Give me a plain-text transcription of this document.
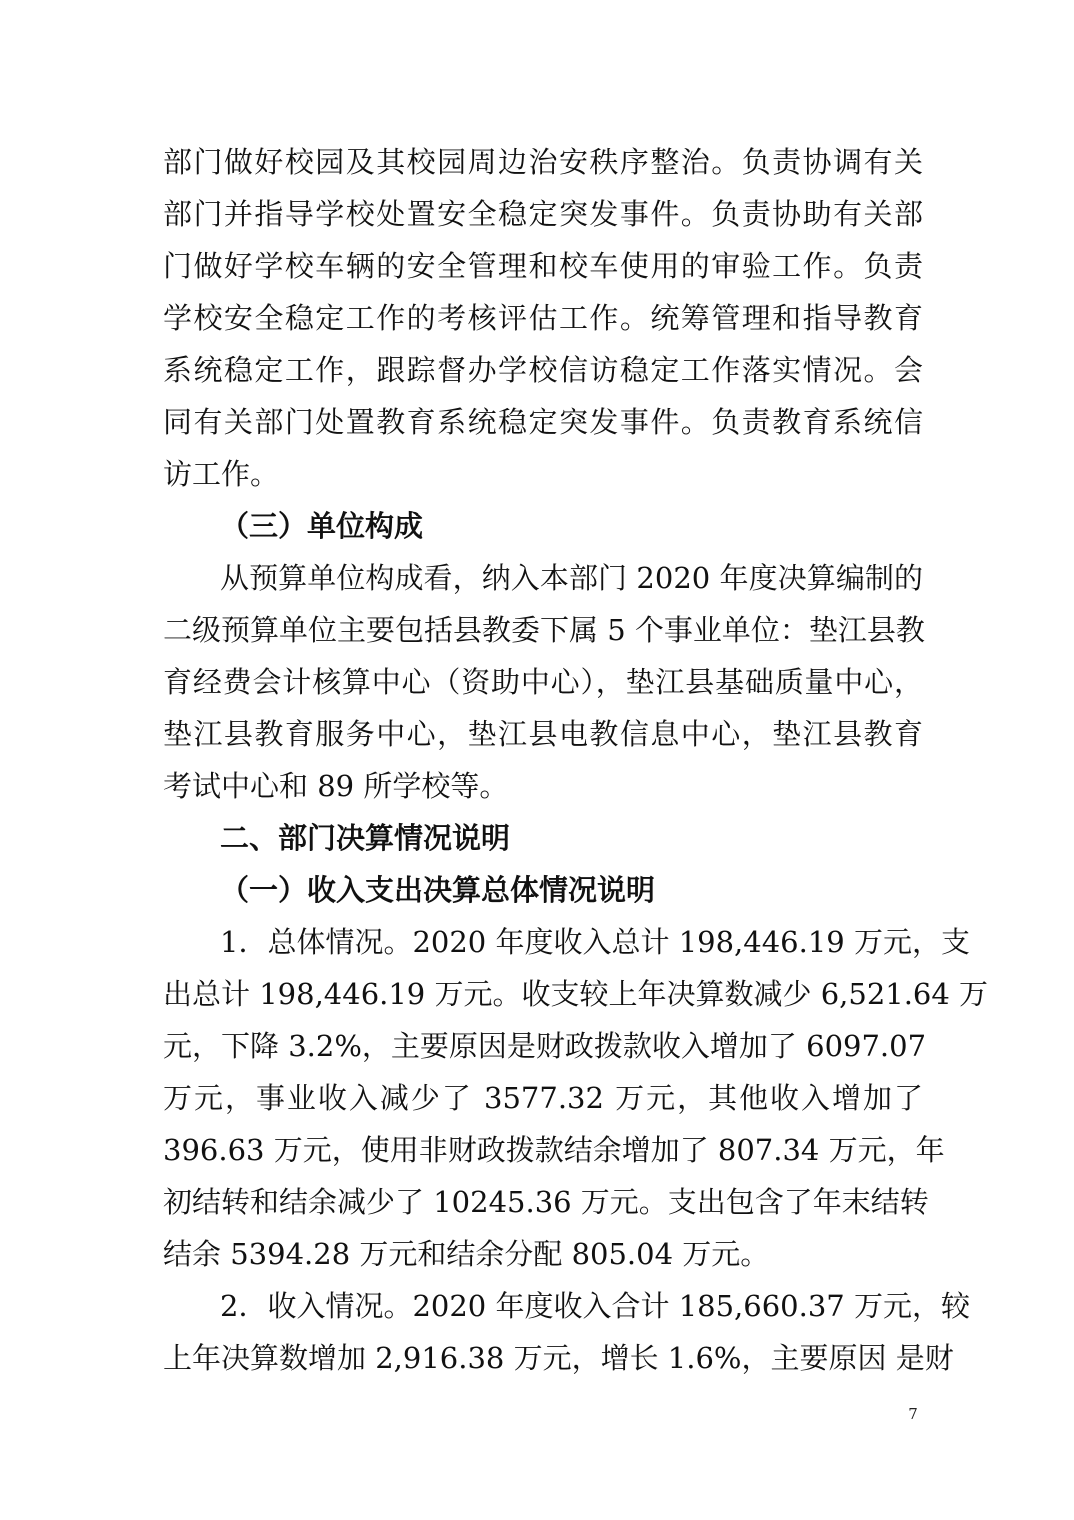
部门做好校园及其校园周边治安秩序整治。负责协调有关
部门并指导学校处置安全稳定突发事件。负责协助有关部
门做好学校车辆的安全管理和校车使用的审验工作。负责
学校安全稳定工作的考核评估工作。统筹管理和指导教育
系统稳定工作，跟踪督办学校信访稳定工作落实情况。会
同有关部门处置教育系统稳定突发事件。负责教育系统信
访工作。
（三）单位构成
从预算单位构成看，纳入本部门 2020 年度决算编制的
二级预算单位主要包括县教委下属 5 个事业单位：垫江县教
育经费会计核算中心（资助中心），垫江县基础质量中心，
垫江县教育服务中心，垫江县电教信息中心，垫江县教育
考试中心和 89 所学校等。
二、部门决算情况说明
（一）收入支出决算总体情况说明
1．总体情况。2020 年度收入总计 198,446.19 万元，支
出总计 198,446.19 万元。收支较上年决算数减少 6,521.64 万
元，下降 3.2%，主要原因是财政拨款收入增加了 6097.07
万元，事业收入减少了 3577.32 万元，其他收入增加了
396.63 万元，使用非财政拨款结余增加了 807.34 万元，年
初结转和结余减少了 10245.36 万元。支出包含了年末结转
结余 5394.28 万元和结余分配 805.04 万元。
2．收入情况。2020 年度收入合计 185,660.37 万元，较
上年决算数增加 2,916.38 万元，增长 1.6%，主要原因 是财
7
